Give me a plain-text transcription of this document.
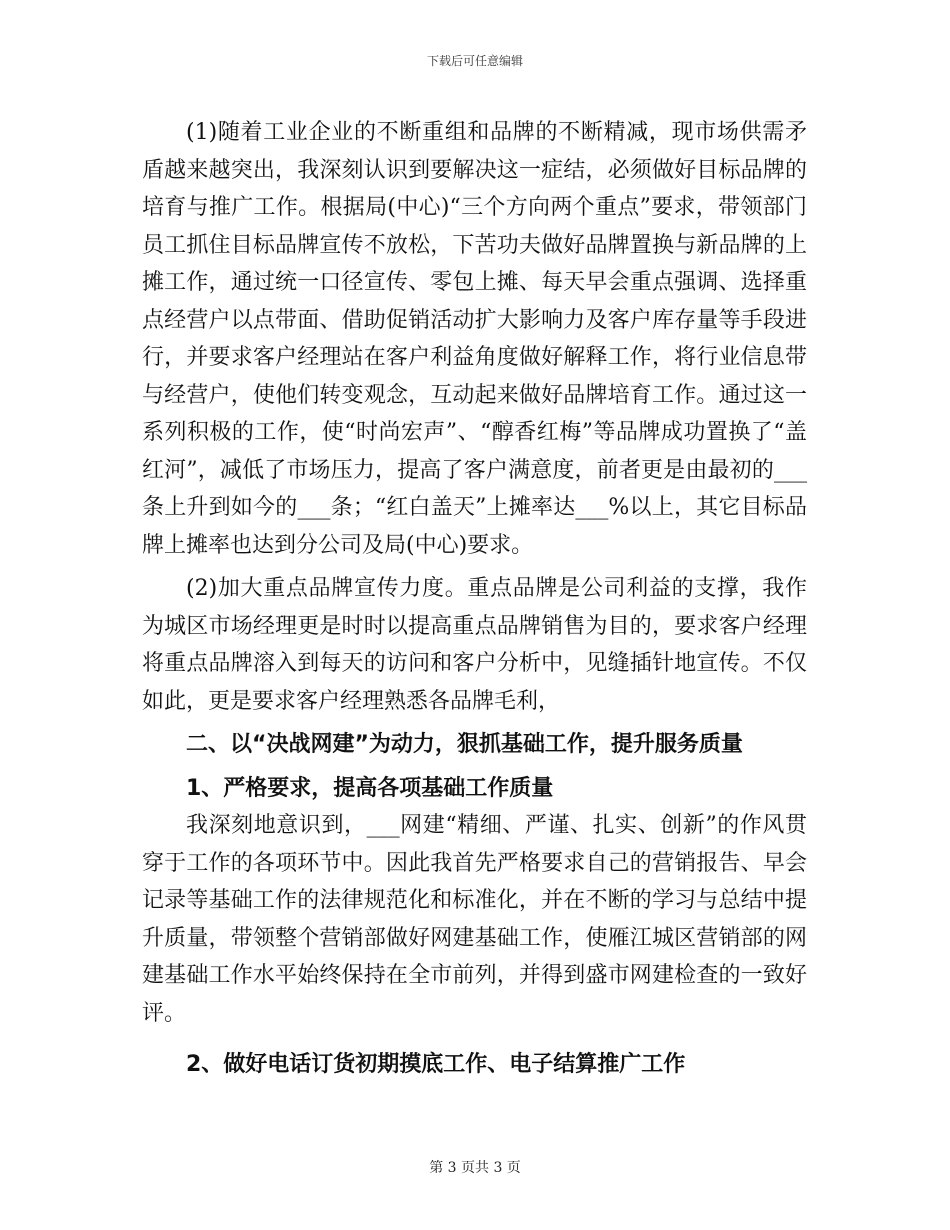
下载后可任意编辑

(1)随着工业企业的不断重组和品牌的不断精减，现市场供需矛盾越来越突出，我深刻认识到要解决这一症结，必须做好目标品牌的培育与推广工作。根据局(中心)“三个方向两个重点”要求，带领部门员工抓住目标品牌宣传不放松，下苦功夫做好品牌置换与新品牌的上摊工作，通过统一口径宣传、零包上摊、每天早会重点强调、选择重点经营户以点带面、借助促销活动扩大影响力及客户库存量等手段进行，并要求客户经理站在客户利益角度做好解释工作，将行业信息带与经营户，使他们转变观念，互动起来做好品牌培育工作。通过这一系列积极的工作，使“时尚宏声”、“醇香红梅”等品牌成功置换了“盖红河”，减低了市场压力，提高了客户满意度，前者更是由最初的___条上升到如今的___条；“红白盖天”上摊率达___%以上，其它目标品牌上摊率也达到分公司及局(中心)要求。

(2)加大重点品牌宣传力度。重点品牌是公司利益的支撑，我作为城区市场经理更是时时以提高重点品牌销售为目的，要求客户经理将重点品牌溶入到每天的访问和客户分析中，见缝插针地宣传。不仅如此，更是要求客户经理熟悉各品牌毛利，

二、以“决战网建”为动力，狠抓基础工作，提升服务质量

1、严格要求，提高各项基础工作质量

我深刻地意识到，___网建“精细、严谨、扎实、创新”的作风贯穿于工作的各项环节中。因此我首先严格要求自己的营销报告、早会记录等基础工作的法律规范化和标准化，并在不断的学习与总结中提升质量，带领整个营销部做好网建基础工作，使雁江城区营销部的网建基础工作水平始终保持在全市前列，并得到盛市网建检查的一致好评。

2、做好电话订货初期摸底工作、电子结算推广工作

第 3 页共 3 页
